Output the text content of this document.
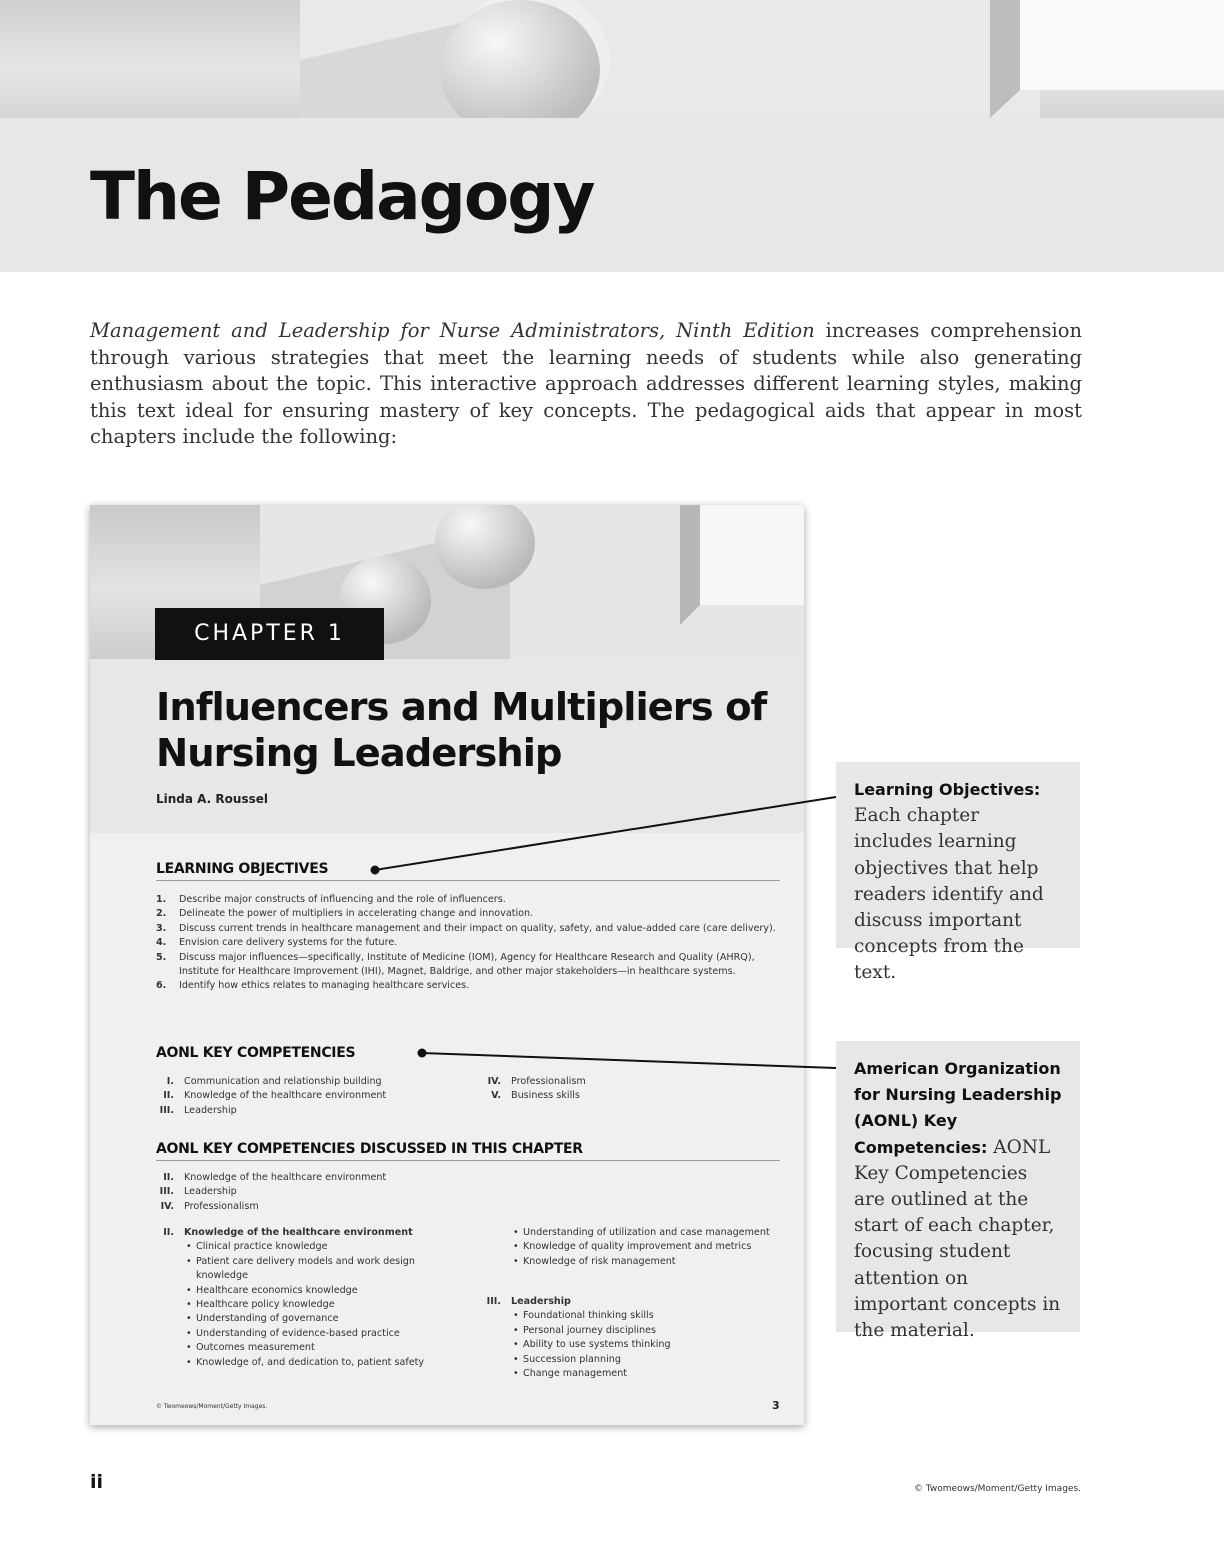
The Pedagogy

Management and Leadership for Nurse Administrators, Ninth Edition increases comprehension through various strategies that meet the learning needs of students while also generating enthusiasm about the topic. This interactive approach addresses different learning styles, making this text ideal for ensuring mastery of key concepts. The pedagogical aids that appear in most chapters include the following:

CHAPTER 1
Influencers and Multipliers of Nursing Leadership
Linda A. Roussel
LEARNING OBJECTIVES
1. Describe major constructs of influencing and the role of influencers.
2. Delineate the power of multipliers in accelerating change and innovation.
3. Discuss current trends in healthcare management and their impact on quality, safety, and value-added care (care delivery).
4. Envision care delivery systems for the future.
5. Discuss major influences—specifically, Institute of Medicine (IOM), Agency for Healthcare Research and Quality (AHRQ), Institute for Healthcare Improvement (IHI), Magnet, Baldrige, and other major stakeholders—in healthcare systems.
6. Identify how ethics relates to managing healthcare services.
AONL KEY COMPETENCIES
I. Communication and relationship building
II. Knowledge of the healthcare environment
III. Leadership
IV. Professionalism
V. Business skills
AONL KEY COMPETENCIES DISCUSSED IN THIS CHAPTER
II. Knowledge of the healthcare environment
III. Leadership
IV. Professionalism
II. Knowledge of the healthcare environment
• Clinical practice knowledge
• Patient care delivery models and work design knowledge
• Healthcare economics knowledge
• Healthcare policy knowledge
• Understanding of governance
• Understanding of evidence-based practice
• Outcomes measurement
• Knowledge of, and dedication to, patient safety
• Understanding of utilization and case management
• Knowledge of quality improvement and metrics
• Knowledge of risk management
III. Leadership
• Foundational thinking skills
• Personal journey disciplines
• Ability to use systems thinking
• Succession planning
• Change management
© Twomeows/Moment/Getty Images.	3
Learning Objectives:
Each chapter includes learning objectives that help readers identify and discuss important concepts from the text.
American Organization for Nursing Leadership (AONL) Key Competencies: AONL Key Competencies are outlined at the start of each chapter, focusing student attention on important concepts in the material.
ii	© Twomeows/Moment/Getty Images.
